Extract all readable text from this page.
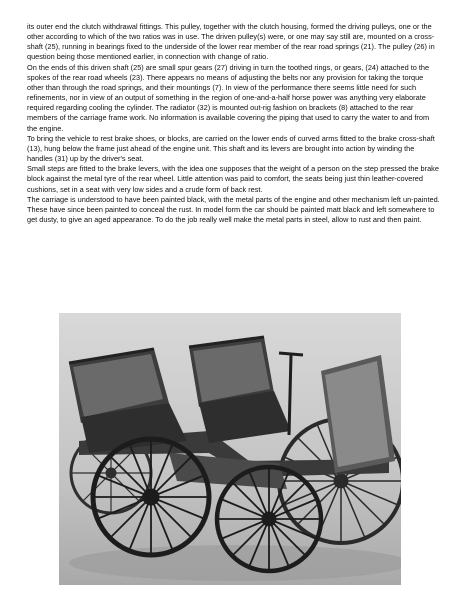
its outer end the clutch withdrawal fittings. This pulley, together with the clutch housing, formed the driving pulleys, one or the other according to which of the two ratios was in use. The driven pulley(s) were, or one may say still are, mounted on a cross-shaft (25), running in bearings fixed to the underside of the lower rear member of the rear road springs (21). The pulley (26) in question being those mentioned earlier, in connection with change of ratio.

On the ends of this driven shaft (25) are small spur gears (27) driving in turn the toothed rings, or gears, (24) attached to the spokes of the rear road wheels (23). There appears no means of adjusting the belts nor any provision for taking the torque other than through the road springs, and their mountings (7). In view of the performance there seems little need for such refinements, nor in view of an output of something in the region of one-and-a-half horse power was anything very elaborate required regarding cooling the cylinder. The radiator (32) is mounted out-rig fashion on brackets (8) attached to the rear members of the carriage frame work. No information is available covering the piping that used to carry the water to and from the engine.

To bring the vehicle to rest brake shoes, or blocks, are carried on the lower ends of curved arms fitted to the brake cross-shaft (13), hung below the frame just ahead of the engine unit. This shaft and its levers are brought into action by winding the handles (31) up by the driver's seat.

Small steps are fitted to the brake levers, with the idea one supposes that the weight of a person on the step pressed the brake block against the metal tyre of the rear wheel. Little attention was paid to comfort, the seats being just thin leather-covered cushions, set in a seat with very low sides and a crude form of back rest.

The carriage is understood to have been painted black, with the metal parts of the engine and other mechanism left un-painted. These have since been painted to conceal the rust. In model form the car should be painted matt black and left somewhere to get dusty, to give an aged appearance. To do the job really well make the metal parts in steel, allow to rust and then paint.
